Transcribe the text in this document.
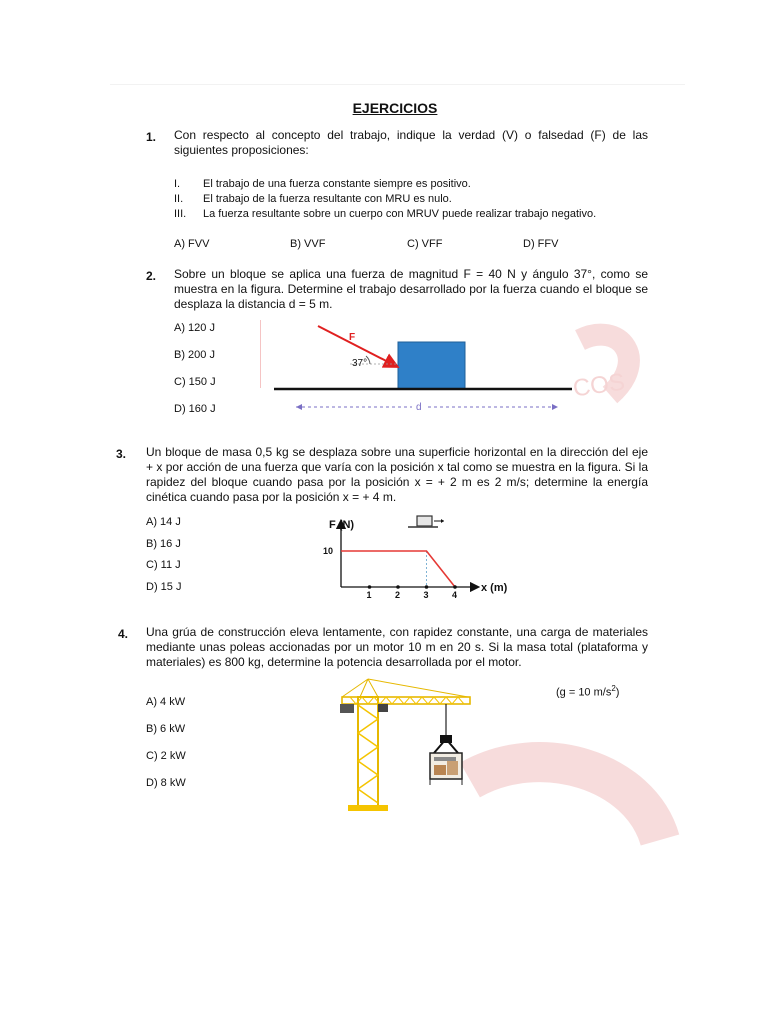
COS
EJERCICIOS
1. Con respecto al concepto del trabajo, indique la verdad (V) o falsedad (F) de las siguientes proposiciones:
I. El trabajo de una fuerza constante siempre es positivo.
II. El trabajo de la fuerza resultante con MRU es nulo.
III. La fuerza resultante sobre un cuerpo con MRUV puede realizar trabajo negativo.
A) FVV	B) VVF	C) VFF	D) FFV
2. Sobre un bloque se aplica una fuerza de magnitud F = 40 N y ángulo 37°, como se muestra en la figura. Determine el trabajo desarrollado por la fuerza cuando el bloque se desplaza la distancia d = 5 m.
A) 120 J
B) 200 J
C) 150 J
D) 160 J
F
37°
d
3. Un bloque de masa 0,5 kg se desplaza sobre una superficie horizontal en la dirección del eje + x por acción de una fuerza que varía con la posición x tal como se muestra en la figura. Si la rapidez del bloque cuando pasa por la posición x = + 2 m es 2 m/s; determine la energía cinética cuando pasa por la posición x = + 4 m.
A) 14 J
B) 16 J
C) 11 J
D) 15 J
F (N)
x (m)
1	2	3	4
10
4. Una grúa de construcción eleva lentamente, con rapidez constante, una carga de materiales mediante unas poleas accionadas por un motor 10 m en 20 s. Si la masa total (plataforma y materiales) es 800 kg, determine la potencia desarrollada por el motor.
(g = 10 $m/s^2$)
A) 4 kW
B) 6 kW
C) 2 kW
D) 8 kW
